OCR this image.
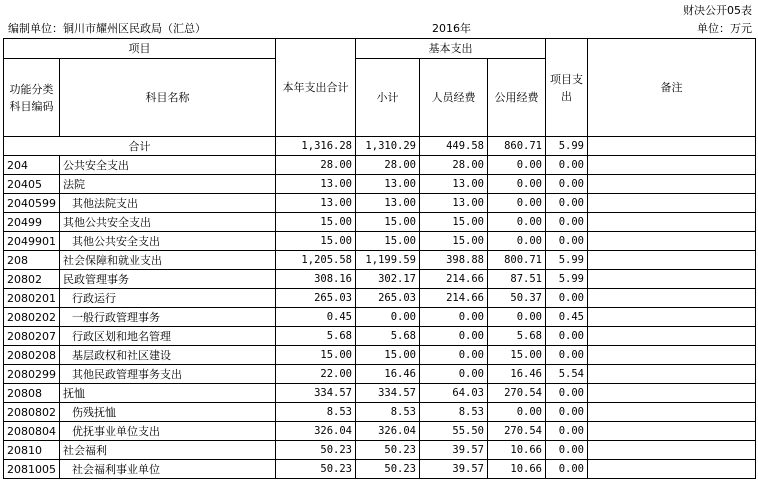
财决公开05表
编制单位：铜川市耀州区民政局（汇总）	2016年	单位：万元
项目		本年支出合计	基本支出			项目支出	备注
功能分类科目编码	科目名称		小计	人员经费	公用经费		
合计		1,316.28	1,310.29	449.58	860.71	5.99	
204	公共安全支出	28.00	28.00	28.00	0.00	0.00	
20405	法院	13.00	13.00	13.00	0.00	0.00	
2040599	其他法院支出	13.00	13.00	13.00	0.00	0.00	
20499	其他公共安全支出	15.00	15.00	15.00	0.00	0.00	
2049901	其他公共安全支出	15.00	15.00	15.00	0.00	0.00	
208	社会保障和就业支出	1,205.58	1,199.59	398.88	800.71	5.99	
20802	民政管理事务	308.16	302.17	214.66	87.51	5.99	
2080201	行政运行	265.03	265.03	214.66	50.37	0.00	
2080202	一般行政管理事务	0.45	0.00	0.00	0.00	0.45	
2080207	行政区划和地名管理	5.68	5.68	0.00	5.68	0.00	
2080208	基层政权和社区建设	15.00	15.00	0.00	15.00	0.00	
2080299	其他民政管理事务支出	22.00	16.46	0.00	16.46	5.54	
20808	抚恤	334.57	334.57	64.03	270.54	0.00	
2080802	伤残抚恤	8.53	8.53	8.53	0.00	0.00	
2080804	优抚事业单位支出	326.04	326.04	55.50	270.54	0.00	
20810	社会福利	50.23	50.23	39.57	10.66	0.00	
2081005	社会福利事业单位	50.23	50.23	39.57	10.66	0.00	
